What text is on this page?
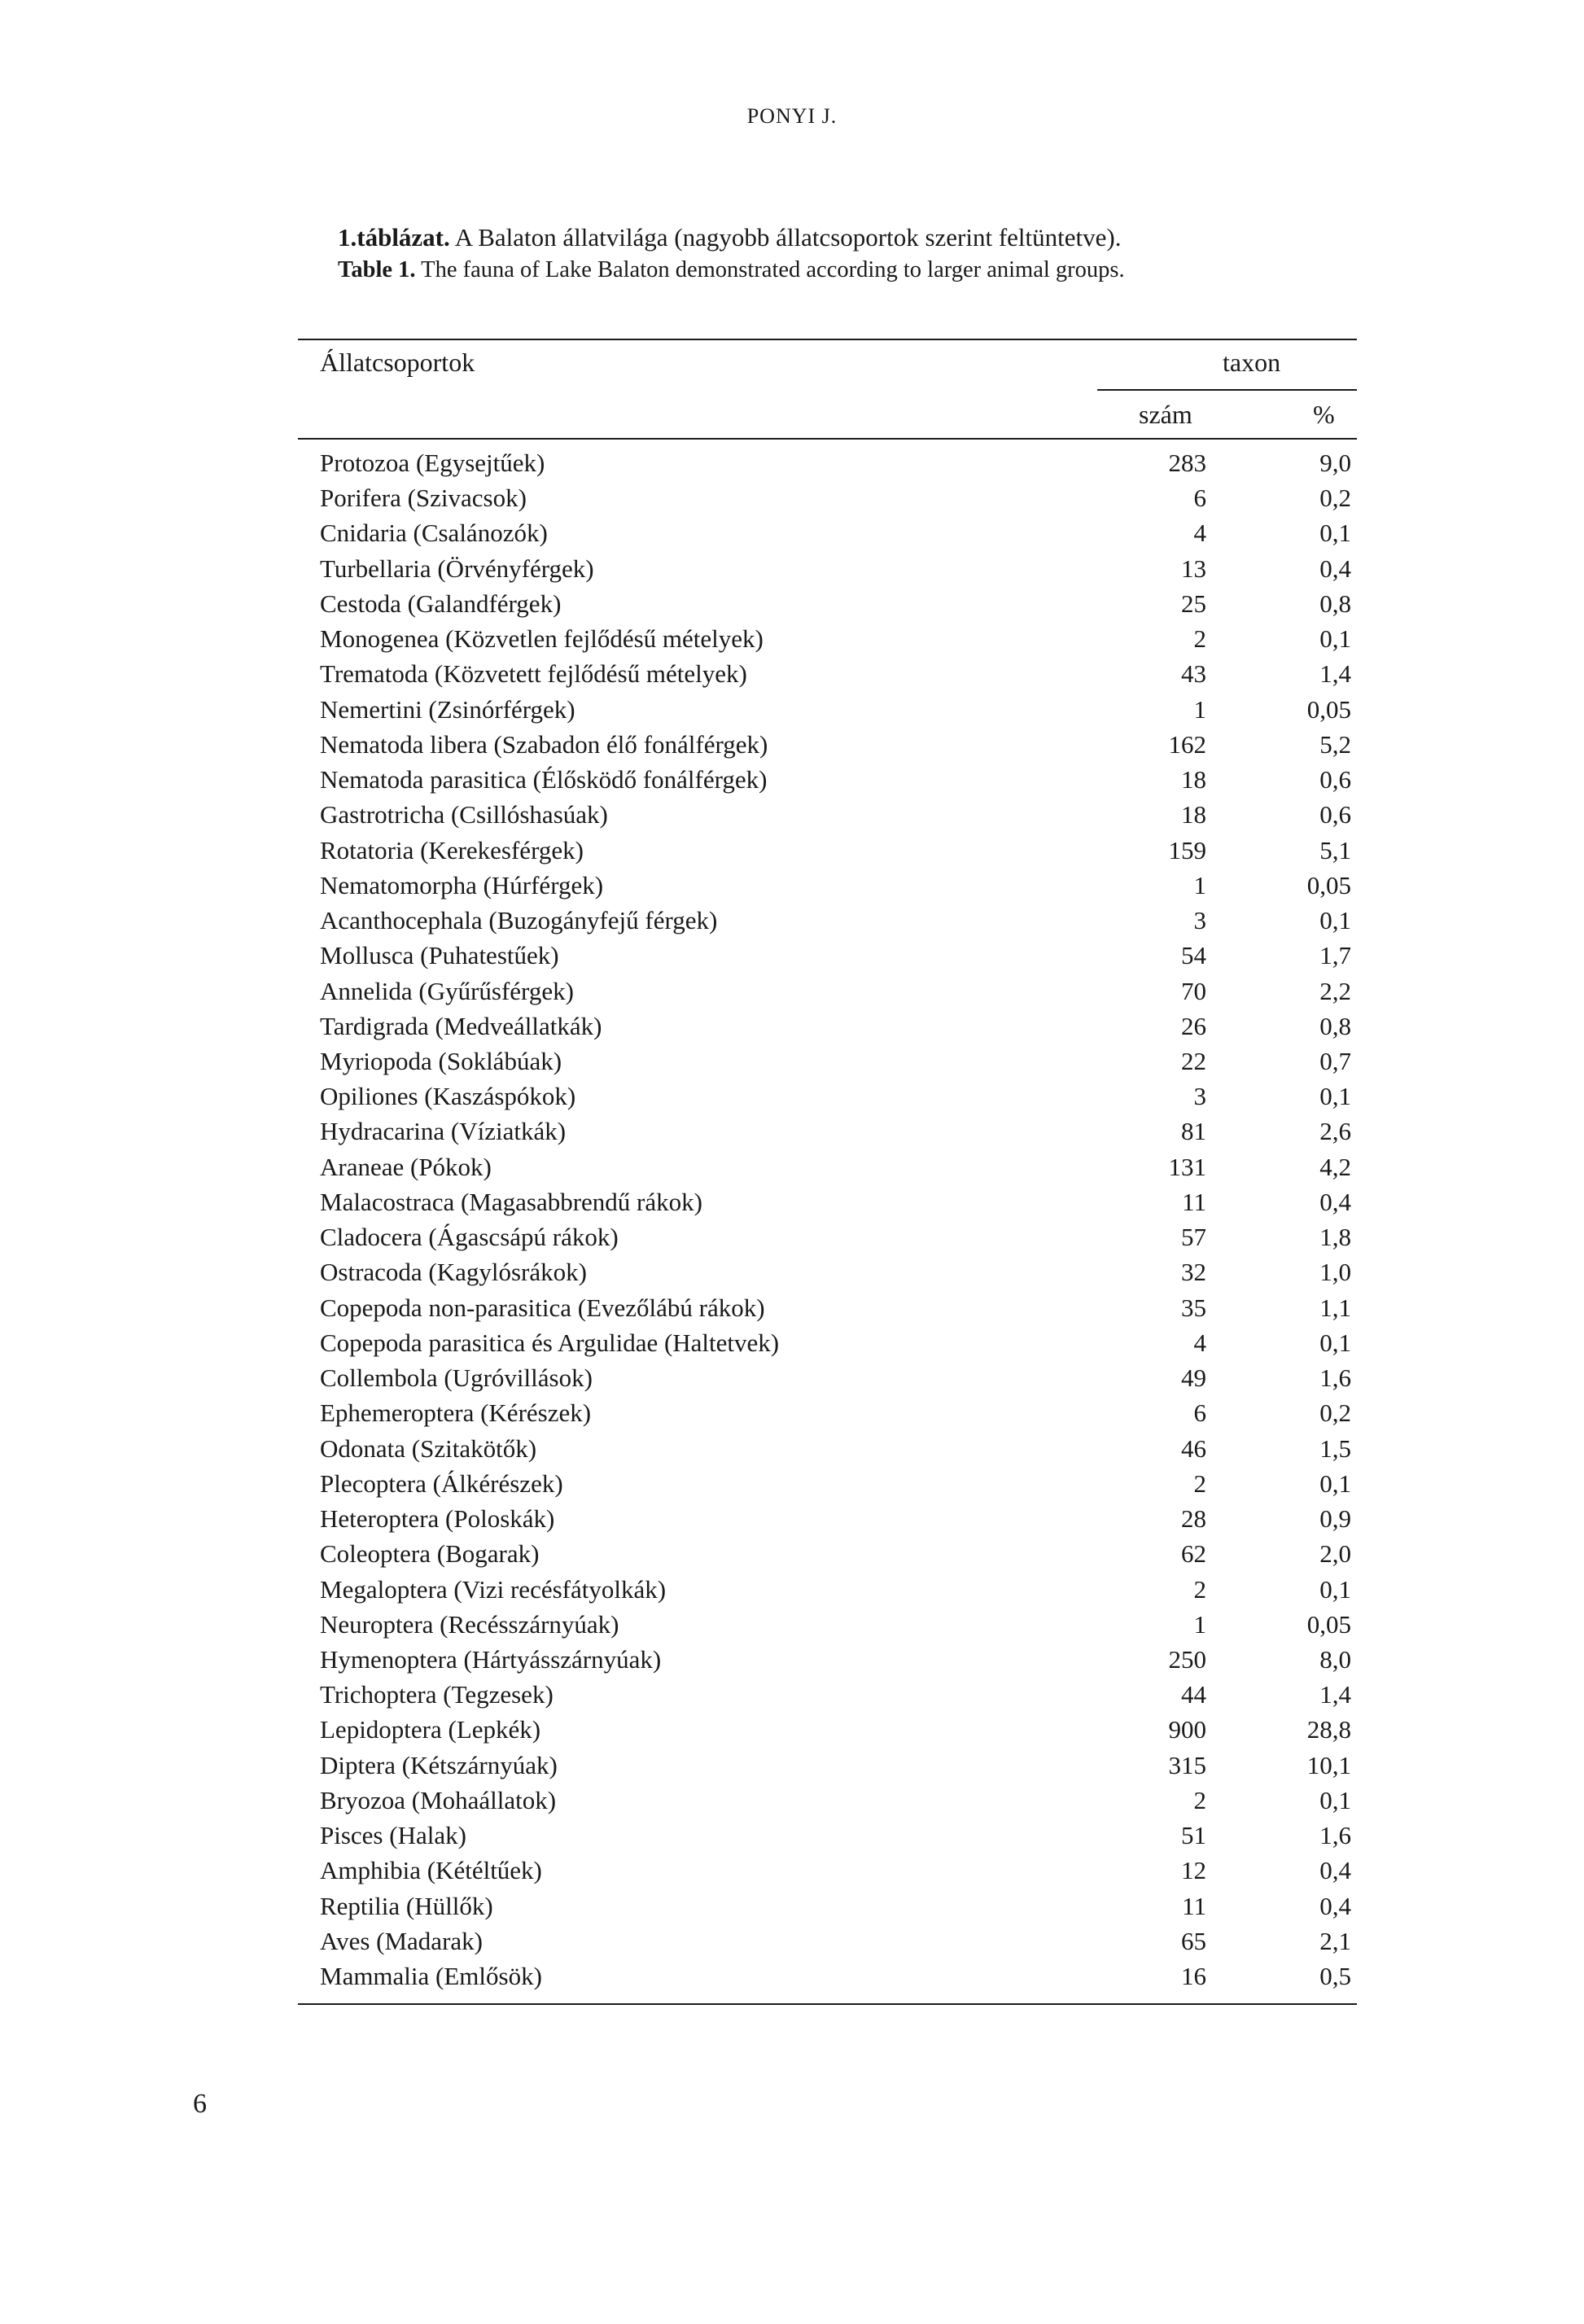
PONYI J.
1.táblázat. A Balaton állatvilága (nagyobb állatcsoportok szerint feltüntetve).
Table 1. The fauna of Lake Balaton demonstrated according to larger animal groups.
Állatcsoportok	taxon
szám	%
Protozoa (Egysejtűek)	283	9,0
Porifera (Szivacsok)	6	0,2
Cnidaria (Csalánozók)	4	0,1
Turbellaria (Örvényférgek)	13	0,4
Cestoda (Galandférgek)	25	0,8
Monogenea (Közvetlen fejlődésű mételyek)	2	0,1
Trematoda (Közvetett fejlődésű mételyek)	43	1,4
Nemertini (Zsinórférgek)	1	0,05
Nematoda libera (Szabadon élő fonálférgek)	162	5,2
Nematoda parasitica (Élősködő fonálférgek)	18	0,6
Gastrotricha (Csillóshasúak)	18	0,6
Rotatoria (Kerekesférgek)	159	5,1
Nematomorpha (Húrférgek)	1	0,05
Acanthocephala (Buzogányfejű férgek)	3	0,1
Mollusca (Puhatestűek)	54	1,7
Annelida (Gyűrűsférgek)	70	2,2
Tardigrada (Medveállatkák)	26	0,8
Myriopoda (Soklábúak)	22	0,7
Opiliones (Kaszáspókok)	3	0,1
Hydracarina (Víziatkák)	81	2,6
Araneae (Pókok)	131	4,2
Malacostraca (Magasabbrendű rákok)	11	0,4
Cladocera (Ágascsápú rákok)	57	1,8
Ostracoda (Kagylósrákok)	32	1,0
Copepoda non-parasitica (Evezőlábú rákok)	35	1,1
Copepoda parasitica és Argulidae (Haltetvek)	4	0,1
Collembola (Ugróvillások)	49	1,6
Ephemeroptera (Kérészek)	6	0,2
Odonata (Szitakötők)	46	1,5
Plecoptera (Álkérészek)	2	0,1
Heteroptera (Poloskák)	28	0,9
Coleoptera (Bogarak)	62	2,0
Megaloptera (Vizi recésfátyolkák)	2	0,1
Neuroptera (Recésszárnyúak)	1	0,05
Hymenoptera (Hártyásszárnyúak)	250	8,0
Trichoptera (Tegzesek)	44	1,4
Lepidoptera (Lepkék)	900	28,8
Diptera (Kétszárnyúak)	315	10,1
Bryozoa (Mohaállatok)	2	0,1
Pisces (Halak)	51	1,6
Amphibia (Kétéltűek)	12	0,4
Reptilia (Hüllők)	11	0,4
Aves (Madarak)	65	2,1
Mammalia (Emlősök)	16	0,5
6
